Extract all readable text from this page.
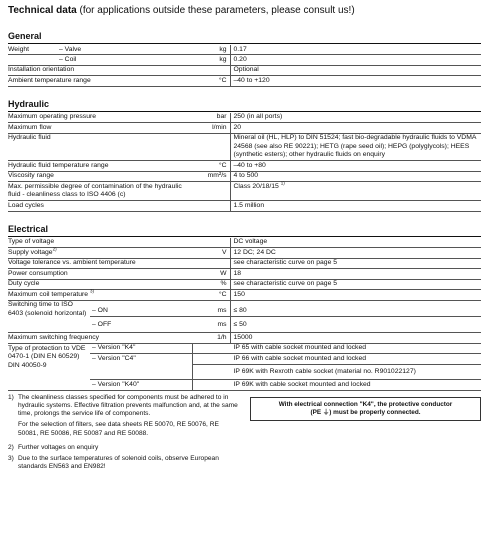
Technical data (for applications outside these parameters, please consult us!)
General
Weight	– Valve	kg	0.17
	– Coil	kg	0.20
Installation orientation			Optional
Ambient temperature range		°C	–40 to +120
Hydraulic
Maximum operating pressure	bar	250 (in all ports)
Maximum flow	l/min	20
Hydraulic fluid		Mineral oil (HL, HLP) to DIN 51524; fast bio-degradable hydraulic fluids to VDMA 24568 (see also RE 90221); HETG (rape seed oil); HEPG (polyglycols); HEES (synthetic esters); other hydraulic fluids on enquiry
Hydraulic fluid temperature range	°C	–40 to +80
Viscosity range	mm²/s	4 to 500
Max. permissible degree of contamination of the hydraulic fluid - cleanliness class to ISO 4406 (c)		Class 20/18/15 $^{1)}$
Load cycles		1.5 million
Electrical
Type of voltage			DC voltage
Supply voltage$^{2)}$		V	12 DC; 24 DC
Voltage tolerance vs. ambient temperature			see characteristic curve on page 5
Power consumption		W	18
Duty cycle		%	see characteristic curve on page 5
Maximum coil temperature $^{3)}$		°C	150
Switching time to ISO 6403 (solenoid horizontal)	– ON	ms	≤ 80
	– OFF	ms	≤ 50
Maximum switching frequency		1/h	15000
Type of protection to VDE 0470-1 (DIN EN 60529) DIN 40050-9	– Version "K4"	IP 65 with cable socket mounted and locked	
	– Version "C4"	IP 66 with cable socket mounted and locked	
		IP 69K with Rexroth cable socket (material no. R901022127)	
	– Version "K40"	IP 69K with cable socket mounted and locked	
1) The cleanliness classes specified for components must be adhered to in hydraulic systems. Effective filtration prevents malfunction and, at the same time, prolongs the service life of components.

For the selection of filters, see data sheets RE 50070, RE 50076, RE 50081, RE 50086, RE 50087 and RE 50088.

2) Further voltages on enquiry
3) Due to the surface temperatures of solenoid coils, observe European standards EN563 and EN982!
With electrical connection "K4", the protective conductor
(PE ⏚) must be properly connected.
